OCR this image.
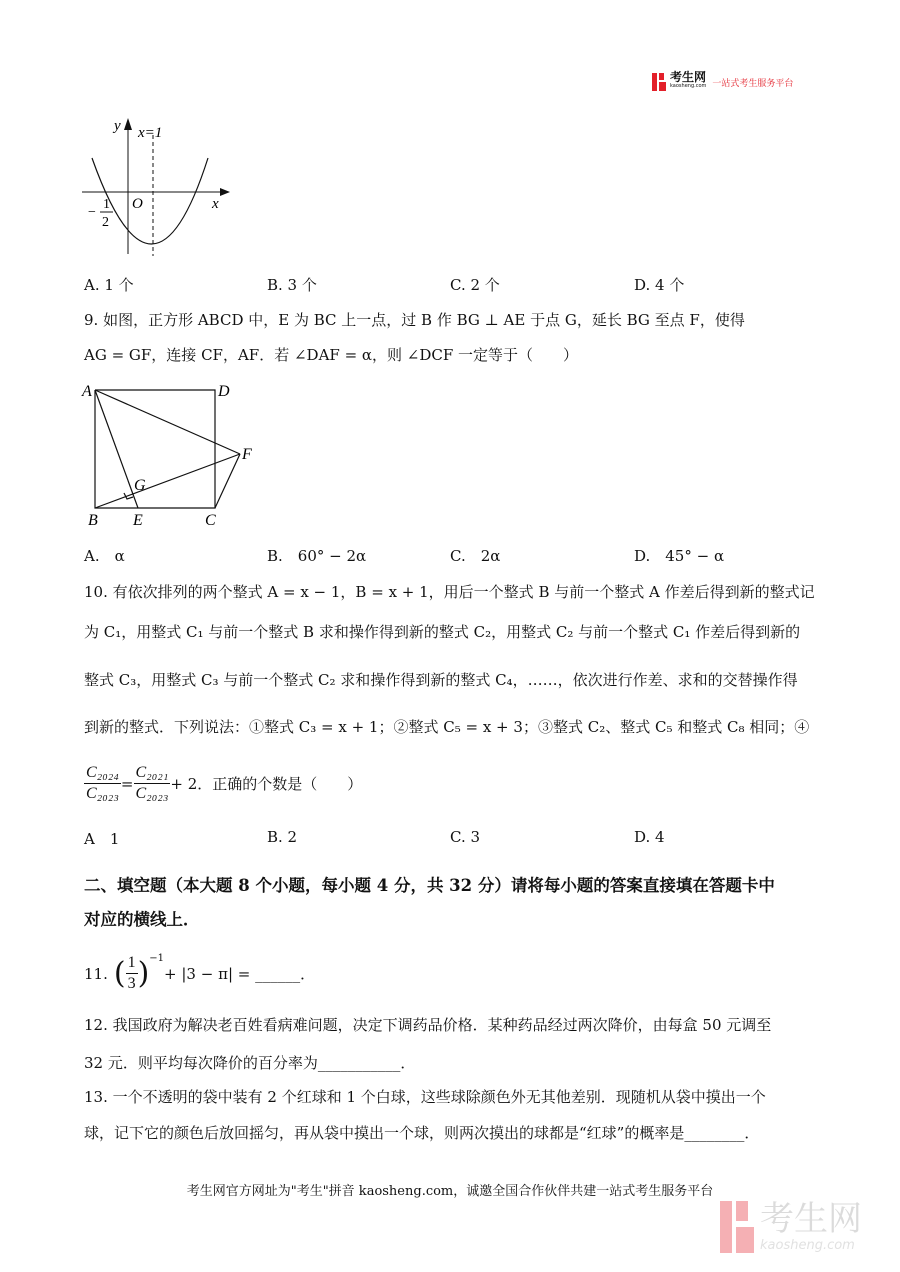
考生网
kaosheng.com 一站式考生服务平台
y x=1
O	x
−
1
2
A. 1 个	B. 3 个	C. 2 个	D. 4 个
9. 如图，正方形 ABCD 中，E 为 BC 上一点，过 B 作 BG ⊥ AE 于点 G，延长 BG 至点 F，使得
AG = GF，连接 CF，AF．若 ∠DAF = α，则 ∠DCF 一定等于（　　）
A	D
F
G
B E	C
A.　α	B.　60° − 2α	C.　2α	D.　45° − α
10. 有依次排列的两个整式 A = x − 1，B = x + 1，用后一个整式 B 与前一个整式 A 作差后得到新的整式记
为 C₁，用整式 C₁ 与前一个整式 B 求和操作得到新的整式 C₂，用整式 C₂ 与前一个整式 C₁ 作差后得到新的
整式 C₃，用整式 C₃ 与前一个整式 C₂ 求和操作得到新的整式 C₄，……，依次进行作差、求和的交替操作得
到新的整式．下列说法：①整式 C₃ = x + 1；②整式 C₅ = x + 3；③整式 C₂、整式 C₅ 和整式 C₈ 相同；④
$\frac{\text{C₂₀₂₄}}{\text{C₂₀₂₃}} = \frac{\text{C₂₀₂₁}}{\text{C₂₀₂₃}} + 2$．正确的个数是（　　）
A　1	B. 2	C. 3	D. 4
二、填空题（本大题 8 个小题，每小题 4 分，共 32 分）请将每小题的答案直接填在答题卡中
对应的横线上．
11. ( $\frac{1}{3}$ ) −1
+ |3 − π| = ______．
12. 我国政府为解决老百姓看病难问题，决定下调药品价格．某种药品经过两次降价，由每盒 50 元调至
32 元．则平均每次降价的百分率为___________．
13. 一个不透明的袋中装有 2 个红球和 1 个白球，这些球除颜色外无其他差别．现随机从袋中摸出一个
球，记下它的颜色后放回摇匀，再从袋中摸出一个球，则两次摸出的球都是“红球”的概率是________．
考生网官方网址为"考生"拼音 kaosheng.com，诚邀全国合作伙伴共建一站式考生服务平台
考生网
kaosheng.com
